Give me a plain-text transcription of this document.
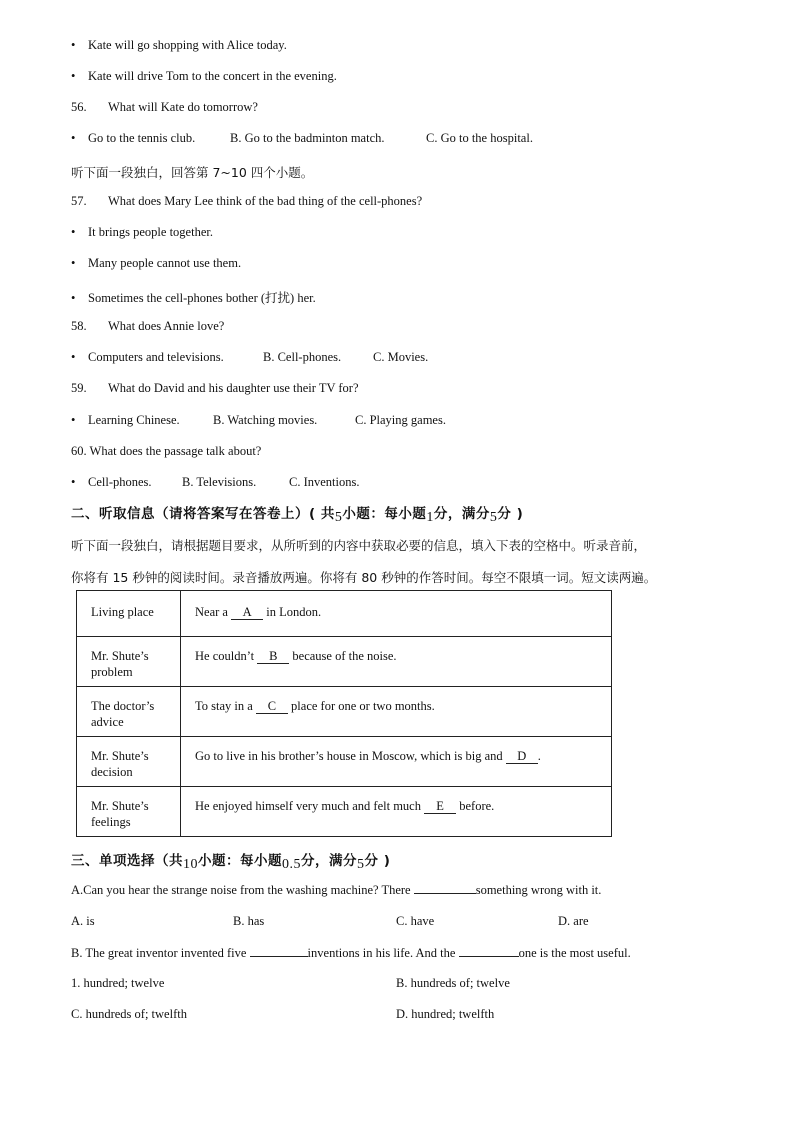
• Kate will go shopping with Alice today.
• Kate will drive Tom to the concert in the evening.
56. What will Kate do tomorrow?
• Go to the tennis club.	B. Go to the badminton match.	C. Go to the hospital.
听下面一段独白，回答第 7~10 四个小题。
57. What does Mary Lee think of the bad thing of the cell-phones?
• It brings people together.
• Many people cannot use them.
• Sometimes the cell-phones bother (打扰) her.
58. What does Annie love?
• Computers and televisions.	B. Cell-phones.	C. Movies.
59. What do David and his daughter use their TV for?
• Learning Chinese.	B. Watching movies.	C. Playing games.
60. What does the passage talk about?
• Cell-phones. B. Televisions.	C. Inventions.
二、听取信息（请将答案写在答卷上）( 共5小题：每小题1分，满分5分 )
听下面一段独白，请根据题目要求，从所听到的内容中获取必要的信息，填入下表的空格中。听录音前，
你将有 15 秒钟的阅读时间。录音播放两遍。你将有 80 秒钟的作答时间。每空不限填一词。短文读两遍。
Living place	Near a A in London.
Mr. Shute’s problem	He couldn’t B because of the noise.
The doctor’s advice	To stay in a C place for one or two months.
Mr. Shute’s decision	Go to live in his brother’s house in Moscow, which is big and D .
Mr. Shute’s feelings	He enjoyed himself very much and felt much E before.
三、单项选择（共10小题：每小题0.5分，满分5分 )
A.Can you hear the strange noise from the washing machine? There	something wrong with it.
A. is	B. has	C. have	D. are
B. The great inventor invented five	inventions in his life. And the	one is the most useful.
1. hundred; twelve	B. hundreds of; twelve
C. hundreds of; twelfth	D. hundred; twelfth
